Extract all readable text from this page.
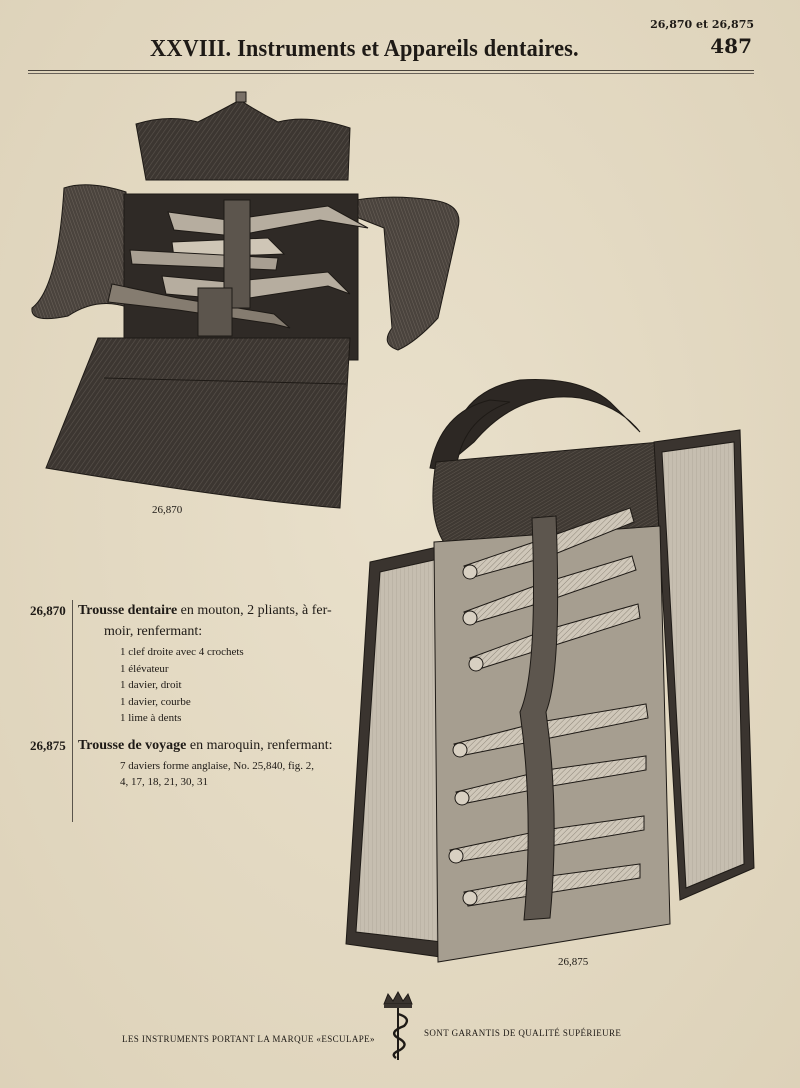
26,870 et 26,875
487
XXVIII. Instruments et Appareils dentaires.
26,870
26,875
26,870 Trousse dentaire en mouton, 2 pliants, à fer-
moir, renfermant:
1 clef droite avec 4 crochets
1 élévateur
1 davier, droit
1 davier, courbe
1 lime à dents
26,875 Trousse de voyage en maroquin, renfermant:
7 daviers forme anglaise, No. 25,840, fig. 2,
4, 17, 18, 21, 30, 31
LES INSTRUMENTS PORTANT LA MARQUE «ESCULAPE»
SONT GARANTIS DE QUALITÉ SUPÉRIEURE
